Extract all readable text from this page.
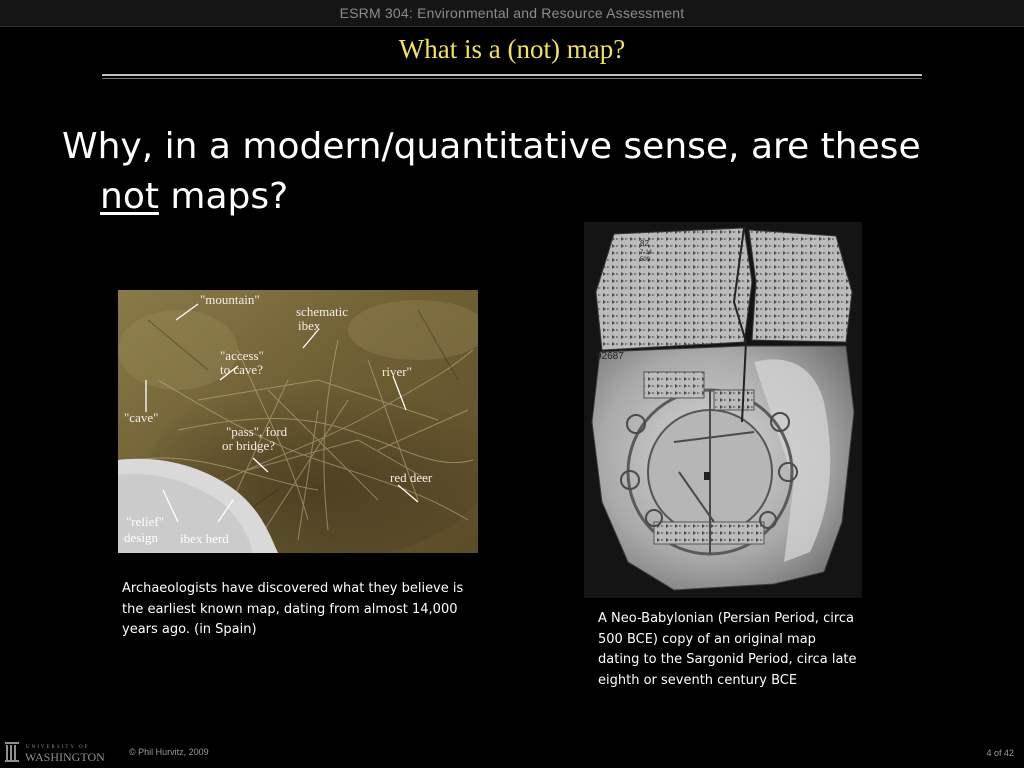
ESRM 304: Environmental and Resource Assessment
What is a (not) map?
Why, in a modern/quantitative sense, are these
not maps?
"mountain"
schematic
ibex
"access"
to cave?	river"
"cave"
"pass", ford
or bridge?
red deer
"relief"
design ibex herd
92687
82
7-14
509
Archaeologists have discovered what they believe is the earliest known map, dating from almost 14,000 years ago. (in Spain)
A Neo-Babylonian (Persian Period, circa 500 BCE) copy of an original map dating to the Sargonid Period, circa late eighth or seventh century BCE
UNIVERSITY OF
WASHINGTON	© Phil Hurvitz, 2009	4 of 42
